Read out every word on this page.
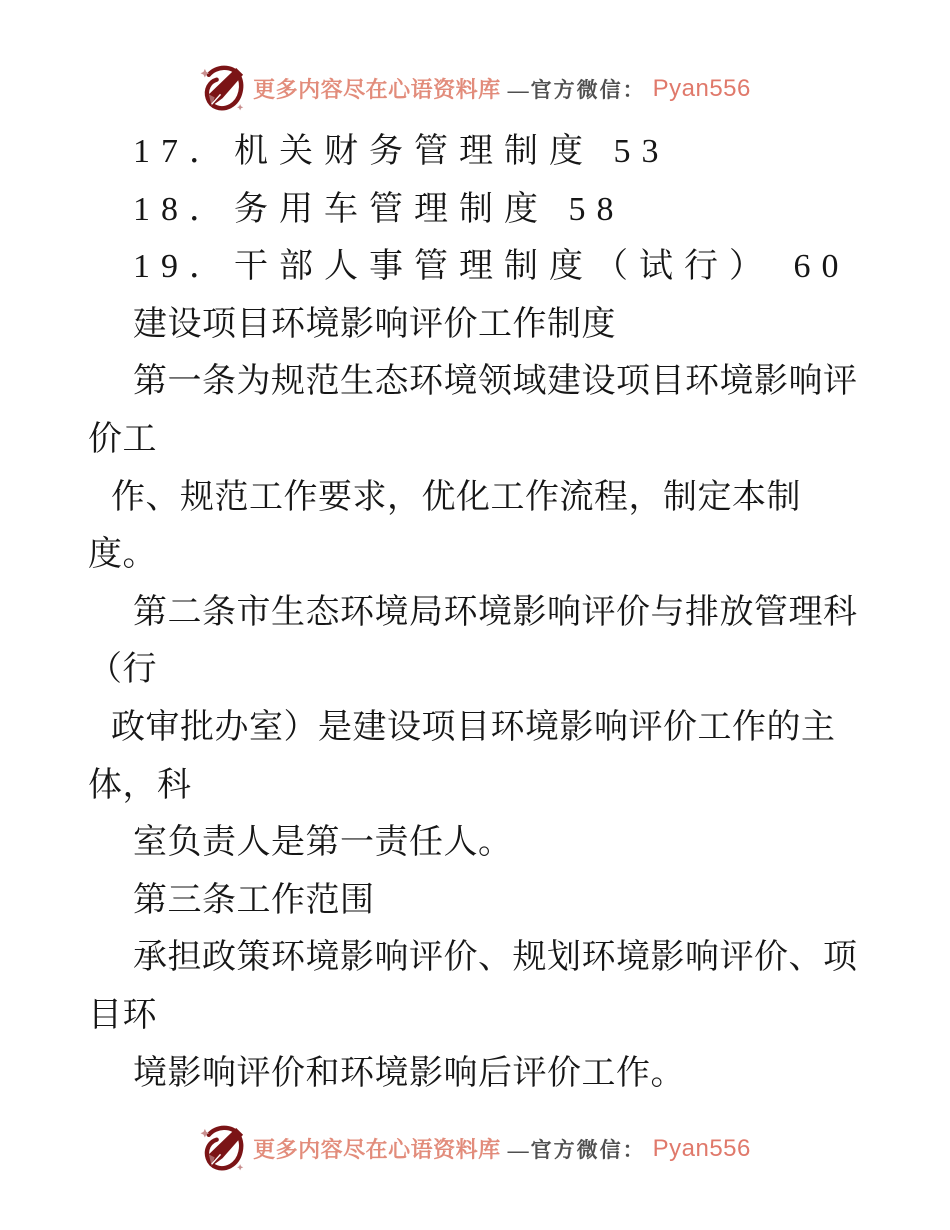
更多内容尽在心语资料库 —官方微信： Pyan556
17．机关财务管理制度 53
18．务用车管理制度 58
19．干部人事管理制度（试行） 60
建设项目环境影响评价工作制度
第一条为规范生态环境领域建设项目环境影响评
价工
作、规范工作要求，优化工作流程，制定本制
度。
第二条市生态环境局环境影响评价与排放管理科
（行
政审批办室）是建设项目环境影响评价工作的主
体，科
室负责人是第一责任人。
第三条工作范围
承担政策环境影响评价、规划环境影响评价、项
目环
境影响评价和环境影响后评价工作。
更多内容尽在心语资料库 —官方微信： Pyan556
